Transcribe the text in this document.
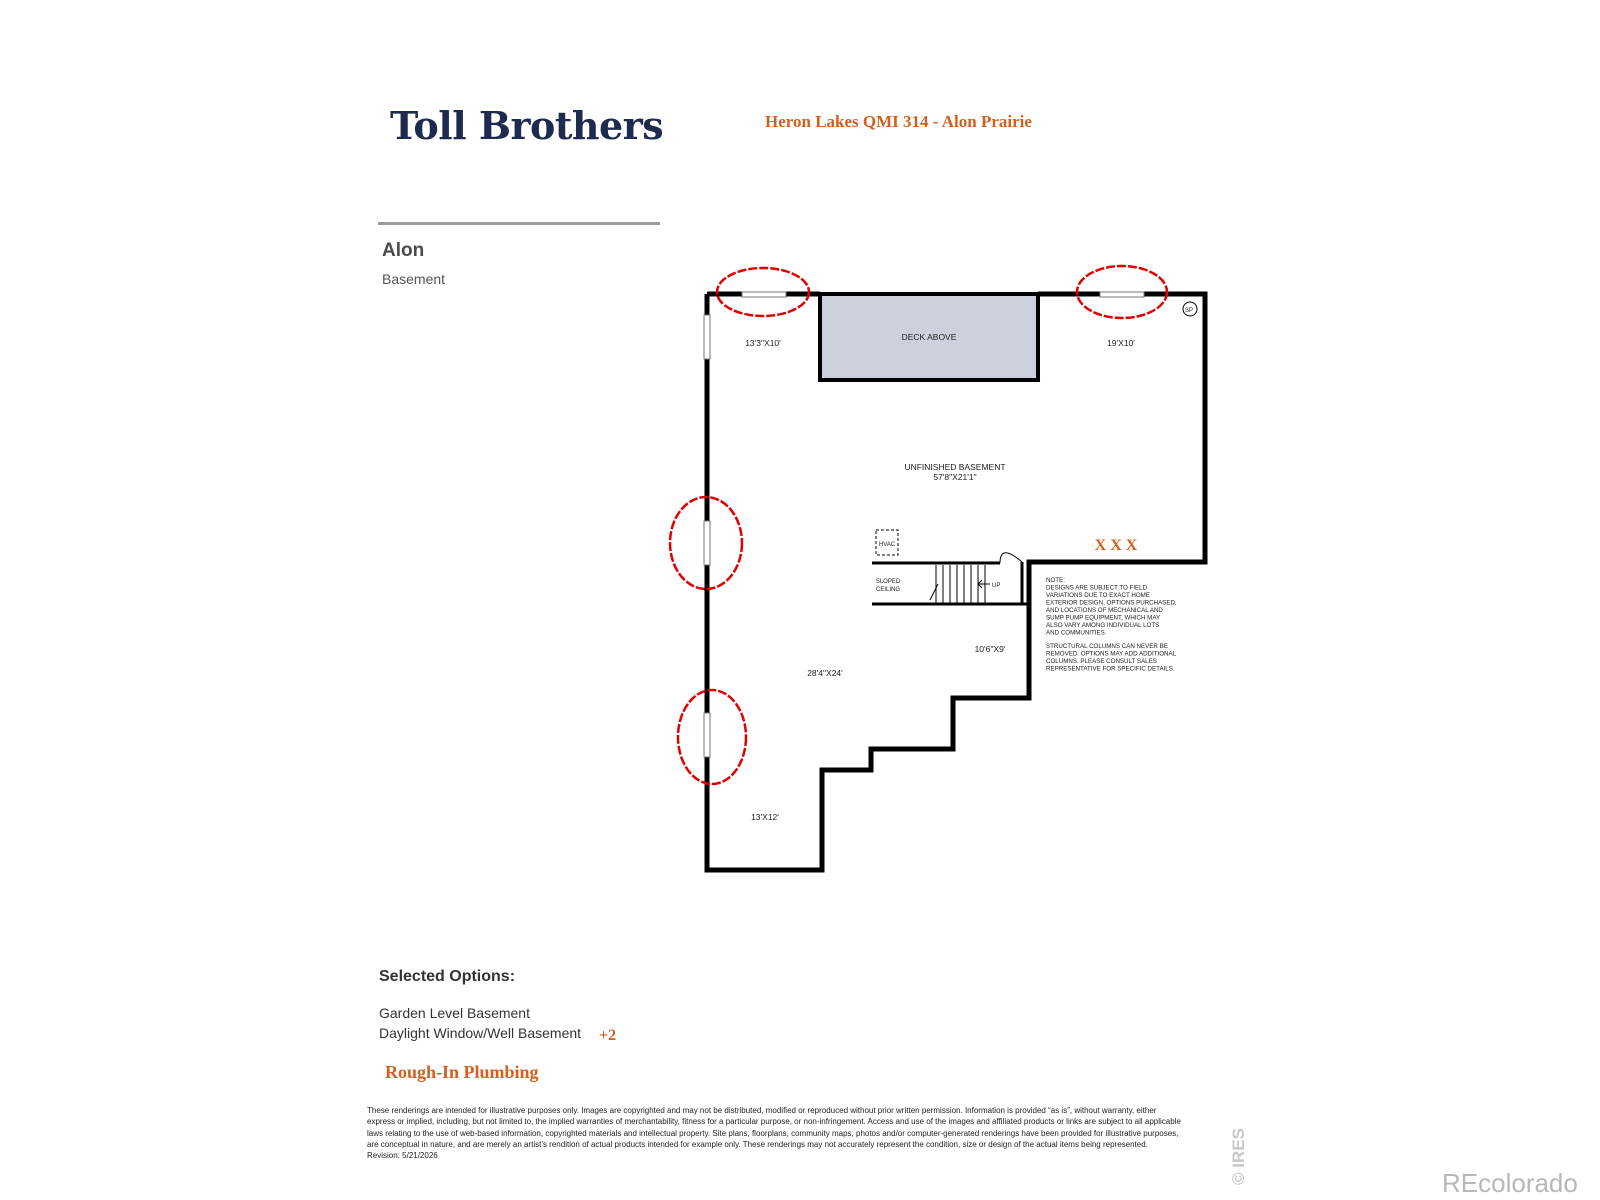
Toll Brothers	Heron Lakes QMI 314 - Alon Prairie
Alon
Basement
13'3"X10'
DECK ABOVE
19'X10'
UNFINISHED BASEMENT
57'8"X21'1"
28'4"X24'
10'6"X9'
13'X12'
HVAC
SLOPED
CEILING
UP
SP
X X X
NOTE:
DESIGNS ARE SUBJECT TO FIELD
VARIATIONS DUE TO EXACT HOME
EXTERIOR DESIGN, OPTIONS PURCHASED,
AND LOCATIONS OF MECHANICAL AND
SUMP PUMP EQUIPMENT, WHICH MAY
ALSO VARY AMONG INDIVIDUAL LOTS
AND COMMUNITIES.
STRUCTURAL COLUMNS CAN NEVER BE
REMOVED. OPTIONS MAY ADD ADDITIONAL
COLUMNS. PLEASE CONSULT SALES
REPRESENTATIVE FOR SPECIFIC DETAILS.
Selected Options:
Garden Level Basement
Daylight Window/Well Basement +2
Rough-In Plumbing
These renderings are intended for illustrative purposes only. Images are copyrighted and may not be distributed, modified or reproduced without prior written permission. Information is provided “as is”, without warranty, either express or implied, including, but not limited to, the implied warranties of merchantability, fitness for a particular purpose, or non-infringement. Access and use of the images and affiliated products or links are subject to all applicable laws relating to the use of web-based information, copyrighted materials and intellectual property. Site plans, floorplans, community maps, photos and/or computer-generated renderings have been provided for illustrative purposes, are conceptual in nature, and are merely an artist’s rendition of actual products intended for example only. These renderings may not accurately represent the condition, size or design of the actual items being represented. Revision: 5/21/2026	© IRES	REcolorado
